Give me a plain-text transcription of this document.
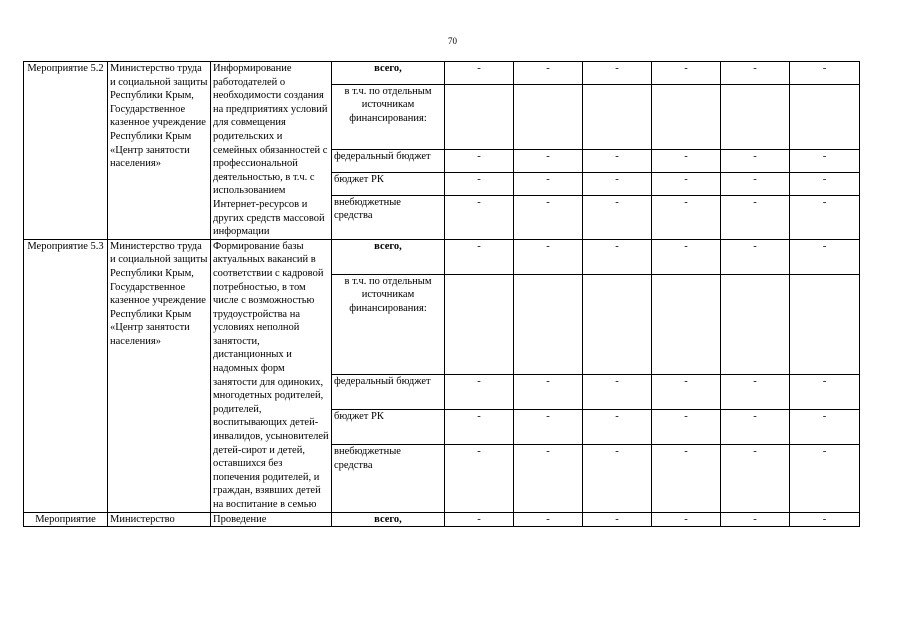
70
Мероприятие 5.2	Министерство труда и социальной защиты Республики Крым, Государственное казенное учреждение Республики Крым «Центр занятости населения»	Информирование работодателей о необходимости создания на предприятиях условий для совмещения родительских и семейных обязанностей с профессиональной деятельностью, в т.ч. с использованием Интернет-ресурсов и других средств массовой информации	всего,	-	-	-	-	-	-
			в т.ч. по отдельным источникам финансирования:						
			федеральный бюджет	-	-	-	-	-	-
			бюджет РК	-	-	-	-	-	-
			внебюджетные средства	-	-	-	-	-	-
Мероприятие 5.3	Министерство труда и социальной защиты Республики Крым, Государственное казенное учреждение Республики Крым «Центр занятости населения»	Формирование базы актуальных вакансий в соответствии с кадровой потребностью, в том числе с возможностью трудоустройства на условиях неполной занятости, дистанционных и надомных форм занятости для одиноких, многодетных родителей, родителей, воспитывающих детей-инвалидов, усыновителей детей-сирот и детей, оставшихся без попечения родителей, и граждан, взявших детей на воспитание в семью	всего,	-	-	-	-	-	-
			в т.ч. по отдельным источникам финансирования:						
			федеральный бюджет	-	-	-	-	-	-
			бюджет РК	-	-	-	-	-	-
			внебюджетные средства	-	-	-	-	-	-
Мероприятие	Министерство	Проведение	всего,	-	-	-	-	-	-
